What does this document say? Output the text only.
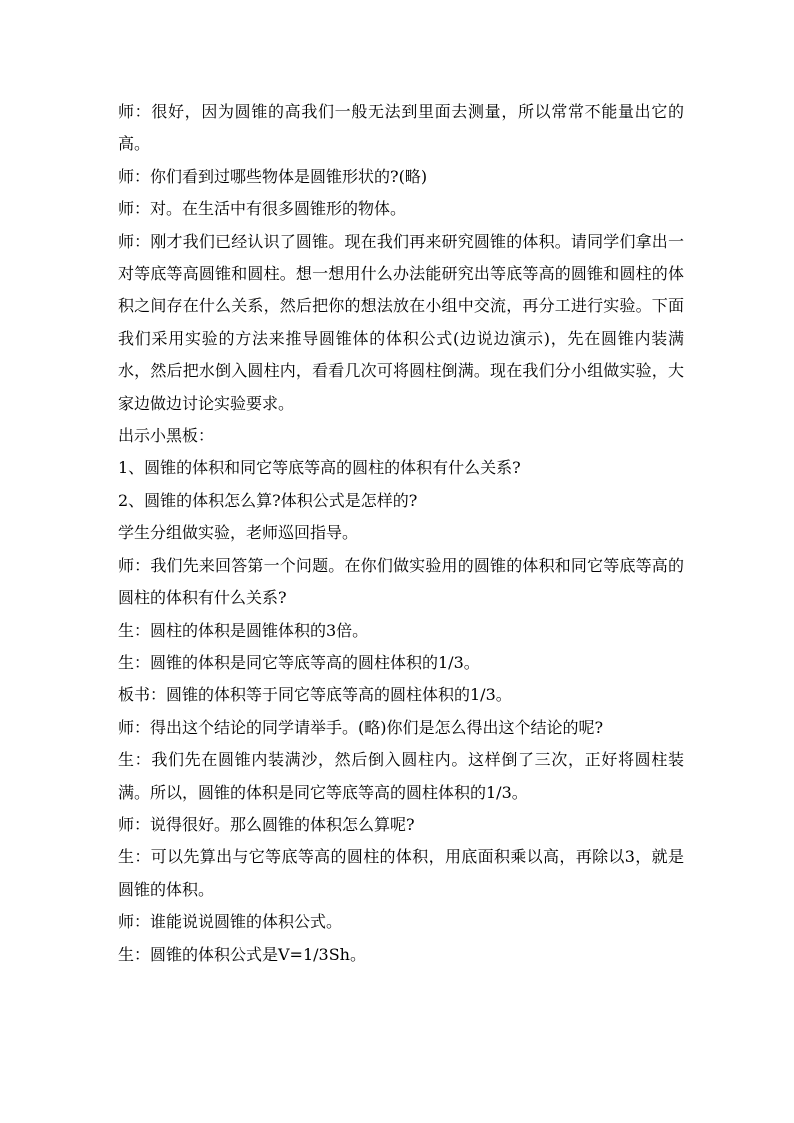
师：很好，因为圆锥的高我们一般无法到里面去测量，所以常常不能量出它的高。

师：你们看到过哪些物体是圆锥形状的?(略)

师：对。在生活中有很多圆锥形的物体。

师：刚才我们已经认识了圆锥。现在我们再来研究圆锥的体积。请同学们拿出一对等底等高圆锥和圆柱。想一想用什么办法能研究出等底等高的圆锥和圆柱的体积之间存在什么关系，然后把你的想法放在小组中交流，再分工进行实验。下面我们采用实验的方法来推导圆锥体的体积公式(边说边演示)，先在圆锥内装满水，然后把水倒入圆柱内，看看几次可将圆柱倒满。现在我们分小组做实验，大家边做边讨论实验要求。

出示小黑板：

1、圆锥的体积和同它等底等高的圆柱的体积有什么关系?

2、圆锥的体积怎么算?体积公式是怎样的?

学生分组做实验，老师巡回指导。

师：我们先来回答第一个问题。在你们做实验用的圆锥的体积和同它等底等高的圆柱的体积有什么关系?

生：圆柱的体积是圆锥体积的3倍。

生：圆锥的体积是同它等底等高的圆柱体积的1/3。

板书：圆锥的体积等于同它等底等高的圆柱体积的1/3。

师：得出这个结论的同学请举手。(略)你们是怎么得出这个结论的呢?

生：我们先在圆锥内装满沙，然后倒入圆柱内。这样倒了三次，正好将圆柱装满。所以，圆锥的体积是同它等底等高的圆柱体积的1/3。

师：说得很好。那么圆锥的体积怎么算呢?

生：可以先算出与它等底等高的圆柱的体积，用底面积乘以高，再除以3，就是圆锥的体积。

师：谁能说说圆锥的体积公式。

生：圆锥的体积公式是V=1/3Sh。
